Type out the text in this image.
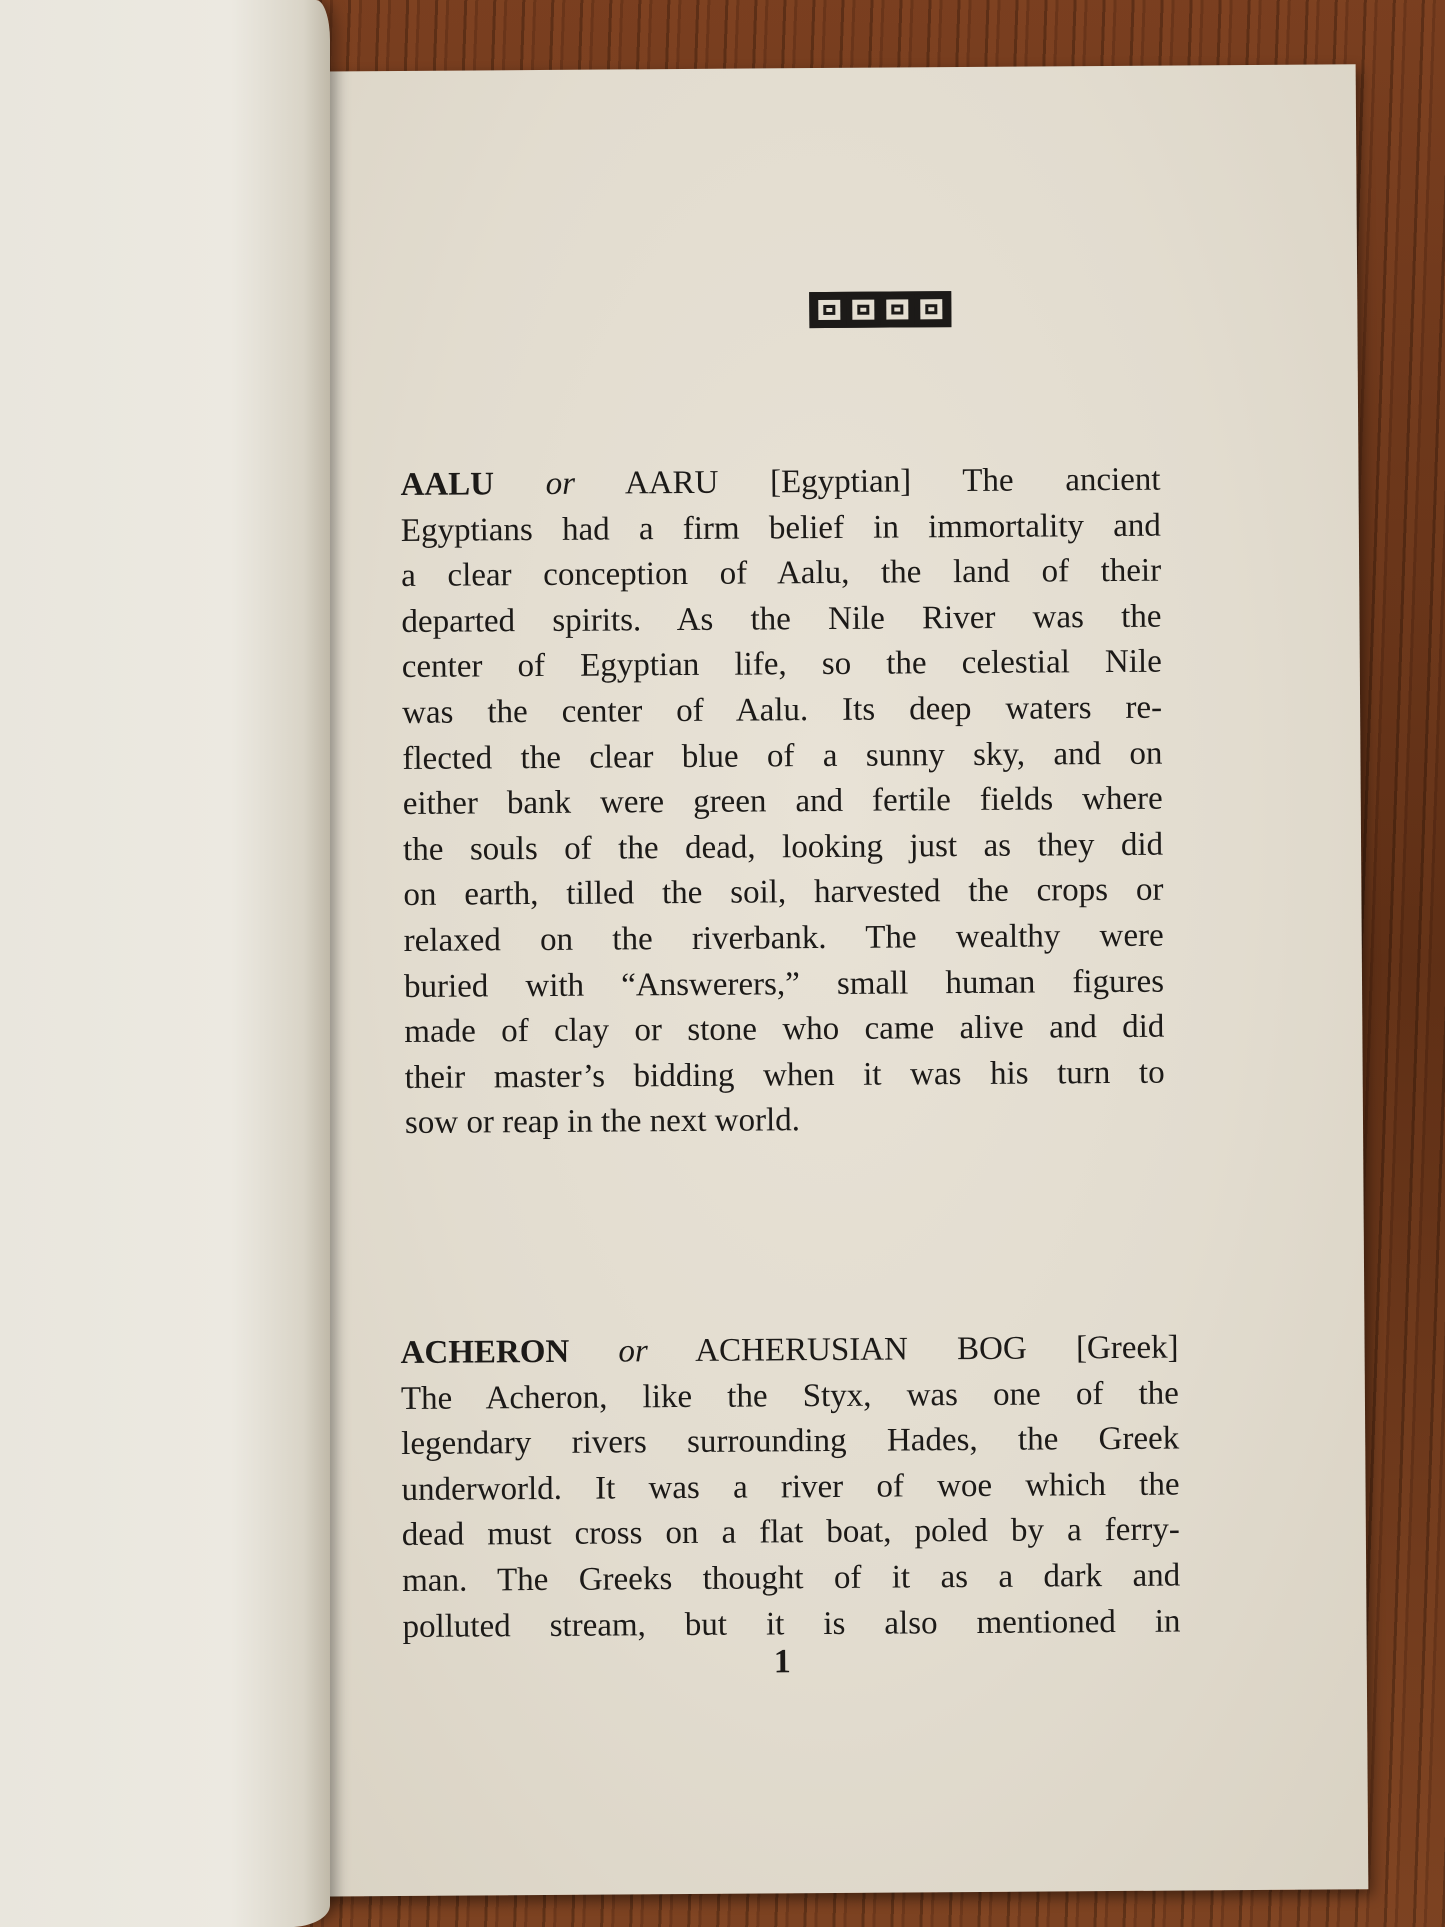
AALU or AARU [Egyptian] The ancient
Egyptians had a firm belief in immortality and
a clear conception of Aalu, the land of their
departed spirits. As the Nile River was the
center of Egyptian life, so the celestial Nile
was the center of Aalu. Its deep waters re-
flected the clear blue of a sunny sky, and on
either bank were green and fertile fields where
the souls of the dead, looking just as they did
on earth, tilled the soil, harvested the crops or
relaxed on the riverbank. The wealthy were
buried with “Answerers,” small human figures
made of clay or stone who came alive and did
their master’s bidding when it was his turn to
sow or reap in the next world.
ACHERON or ACHERUSIAN BOG [Greek]
The Acheron, like the Styx, was one of the
legendary rivers surrounding Hades, the Greek
underworld. It was a river of woe which the
dead must cross on a flat boat, poled by a ferry-
man. The Greeks thought of it as a dark and
polluted stream, but it is also mentioned in
1
